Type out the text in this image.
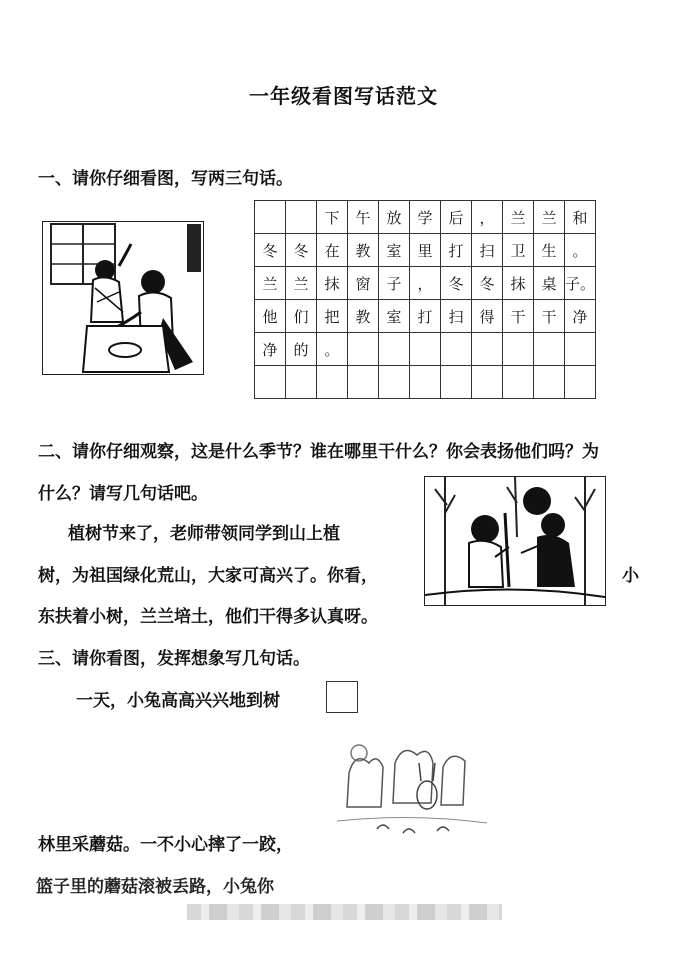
一年级看图写话范文
一、请你仔细看图，写两三句话。
		下	午	放	学	后	，	兰	兰	和
冬	冬	在	教	室	里	打	扫	卫	生	。
兰	兰	抹	窗	子	，	冬	冬	抹	桌	子。
他	们	把	教	室	打	扫	得	干	干	净
净	的	。								

二、请你仔细观察，这是什么季节？谁在哪里干什么？你会表扬他们吗？为
什么？请写几句话吧。
植树节来了，老师带领同学到山上植
树，为祖国绿化荒山，大家可高兴了。你看，	小
东扶着小树，兰兰培土，他们干得多认真呀。
三、请你看图，发挥想象写几句话。
一天，小兔高高兴兴地到树
林里采蘑菇。一不小心摔了一跤，
篮子里的蘑菇滚被丢路，小兔你
